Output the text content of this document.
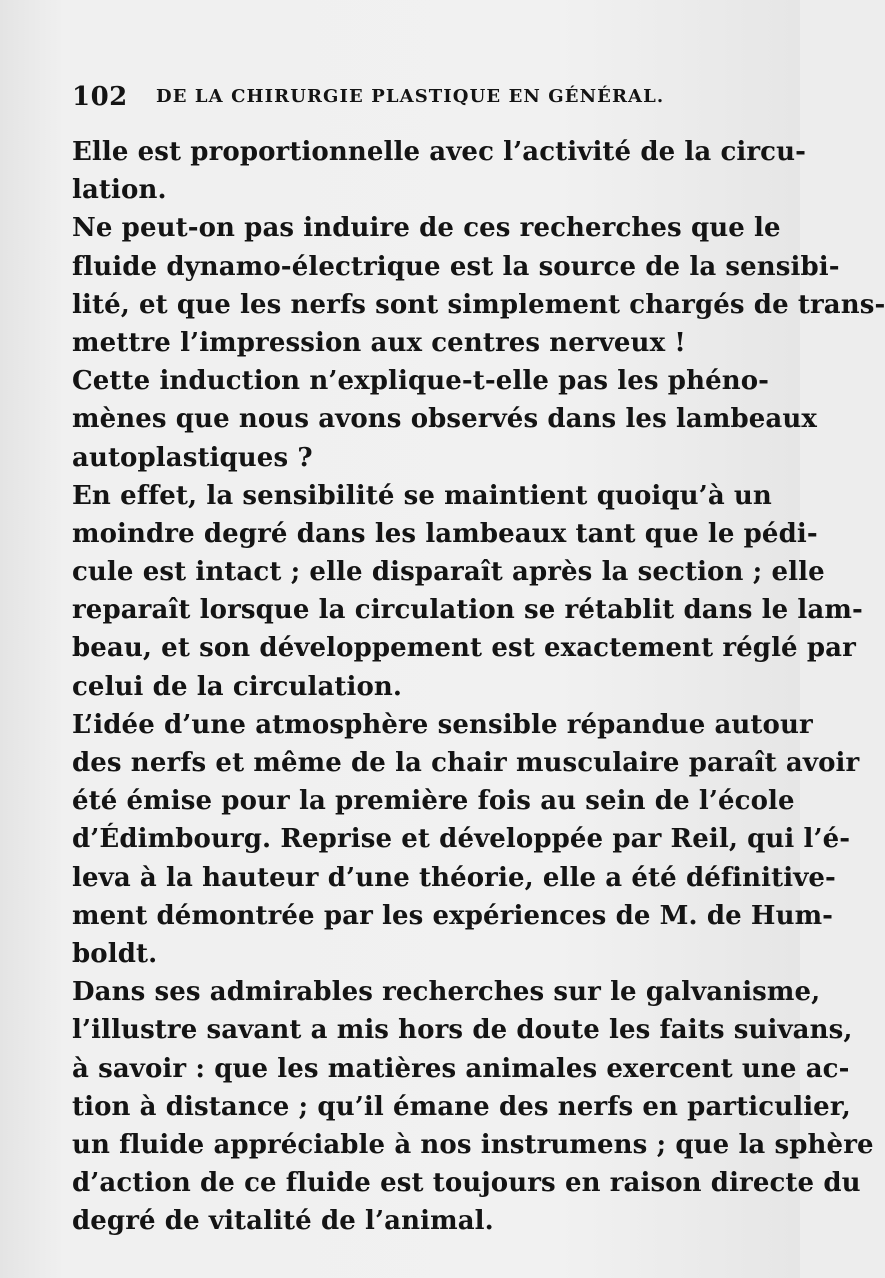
102 DE LA CHIRURGIE PLASTIQUE EN GÉNÉRAL.
Elle est proportionnelle avec l’activité de la circu-
lation.
Ne peut-on pas induire de ces recherches que le
fluide dynamo-électrique est la source de la sensibi-
lité, et que les nerfs sont simplement chargés de trans-
mettre l’impression aux centres nerveux !
Cette induction n’explique-t-elle pas les phéno-
mènes que nous avons observés dans les lambeaux
autoplastiques ?
En effet, la sensibilité se maintient quoiqu’à un
moindre degré dans les lambeaux tant que le pédi-
cule est intact ; elle disparaît après la section ; elle
reparaît lorsque la circulation se rétablit dans le lam-
beau, et son développement est exactement réglé par
celui de la circulation.
L’idée d’une atmosphère sensible répandue autour
des nerfs et même de la chair musculaire paraît avoir
été émise pour la première fois au sein de l’école
d’Édimbourg. Reprise et développée par Reil, qui l’é-
leva à la hauteur d’une théorie, elle a été définitive-
ment démontrée par les expériences de M. de Hum-
boldt.
Dans ses admirables recherches sur le galvanisme,
l’illustre savant a mis hors de doute les faits suivans,
à savoir : que les matières animales exercent une ac-
tion à distance ; qu’il émane des nerfs en particulier,
un fluide appréciable à nos instrumens ; que la sphère
d’action de ce fluide est toujours en raison directe du
degré de vitalité de l’animal.
